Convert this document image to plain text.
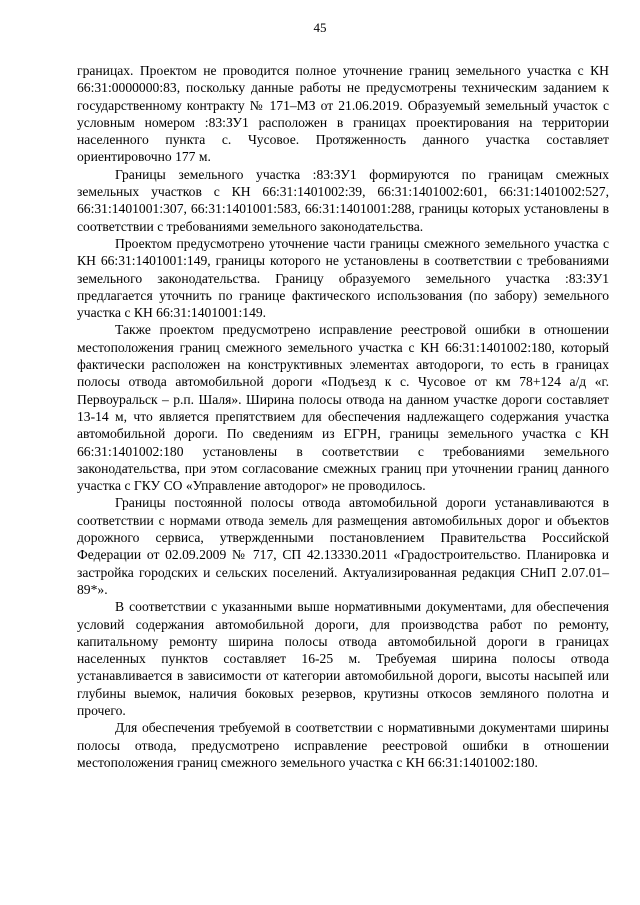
45

границах. Проектом не проводится полное уточнение границ земельного участка с КН 66:31:0000000:83, поскольку данные работы не предусмотрены техническим заданием к государственному контракту № 171–МЗ от 21.06.2019. Образуемый земельный участок с условным номером :83:ЗУ1 расположен в границах проектирования на территории населенного пункта с. Чусовое. Протяженность данного участка составляет ориентировочно 177 м.

Границы земельного участка :83:ЗУ1 формируются по границам смежных земельных участков с КН 66:31:1401002:39, 66:31:1401002:601, 66:31:1401002:527, 66:31:1401001:307, 66:31:1401001:583, 66:31:1401001:288, границы которых установлены в соответствии с требованиями земельного законодательства.

Проектом предусмотрено уточнение части границы смежного земельного участка с КН 66:31:1401001:149, границы которого не установлены в соответствии с требованиями земельного законодательства. Границу образуемого земельного участка :83:ЗУ1 предлагается уточнить по границе фактического использования (по забору) земельного участка с КН 66:31:1401001:149.

Также проектом предусмотрено исправление реестровой ошибки в отношении местоположения границ смежного земельного участка с КН 66:31:1401002:180, который фактически расположен на конструктивных элементах автодороги, то есть в границах полосы отвода автомобильной дороги «Подъезд к с. Чусовое от км 78+124 а/д «г. Первоуральск – р.п. Шаля». Ширина полосы отвода на данном участке дороги составляет 13-14 м, что является препятствием для обеспечения надлежащего содержания участка автомобильной дороги. По сведениям из ЕГРН, границы земельного участка с КН 66:31:1401002:180 установлены в соответствии с требованиями земельного законодательства, при этом согласование смежных границ при уточнении границ данного участка с ГКУ СО «Управление автодорог» не проводилось.

Границы постоянной полосы отвода автомобильной дороги устанавливаются в соответствии с нормами отвода земель для размещения автомобильных дорог и объектов дорожного сервиса, утвержденными постановлением Правительства Российской Федерации от 02.09.2009 № 717, СП 42.13330.2011 «Градостроительство. Планировка и застройка городских и сельских поселений. Актуализированная редакция СНиП 2.07.01–89*».

В соответствии с указанными выше нормативными документами, для обеспечения условий содержания автомобильной дороги, для производства работ по ремонту, капитальному ремонту ширина полосы отвода автомобильной дороги в границах населенных пунктов составляет 16-25 м. Требуемая ширина полосы отвода устанавливается в зависимости от категории автомобильной дороги, высоты насыпей или глубины выемок, наличия боковых резервов, крутизны откосов земляного полотна и прочего.

Для обеспечения требуемой в соответствии с нормативными документами ширины полосы отвода, предусмотрено исправление реестровой ошибки в отношении местоположения границ смежного земельного участка с КН 66:31:1401002:180.
